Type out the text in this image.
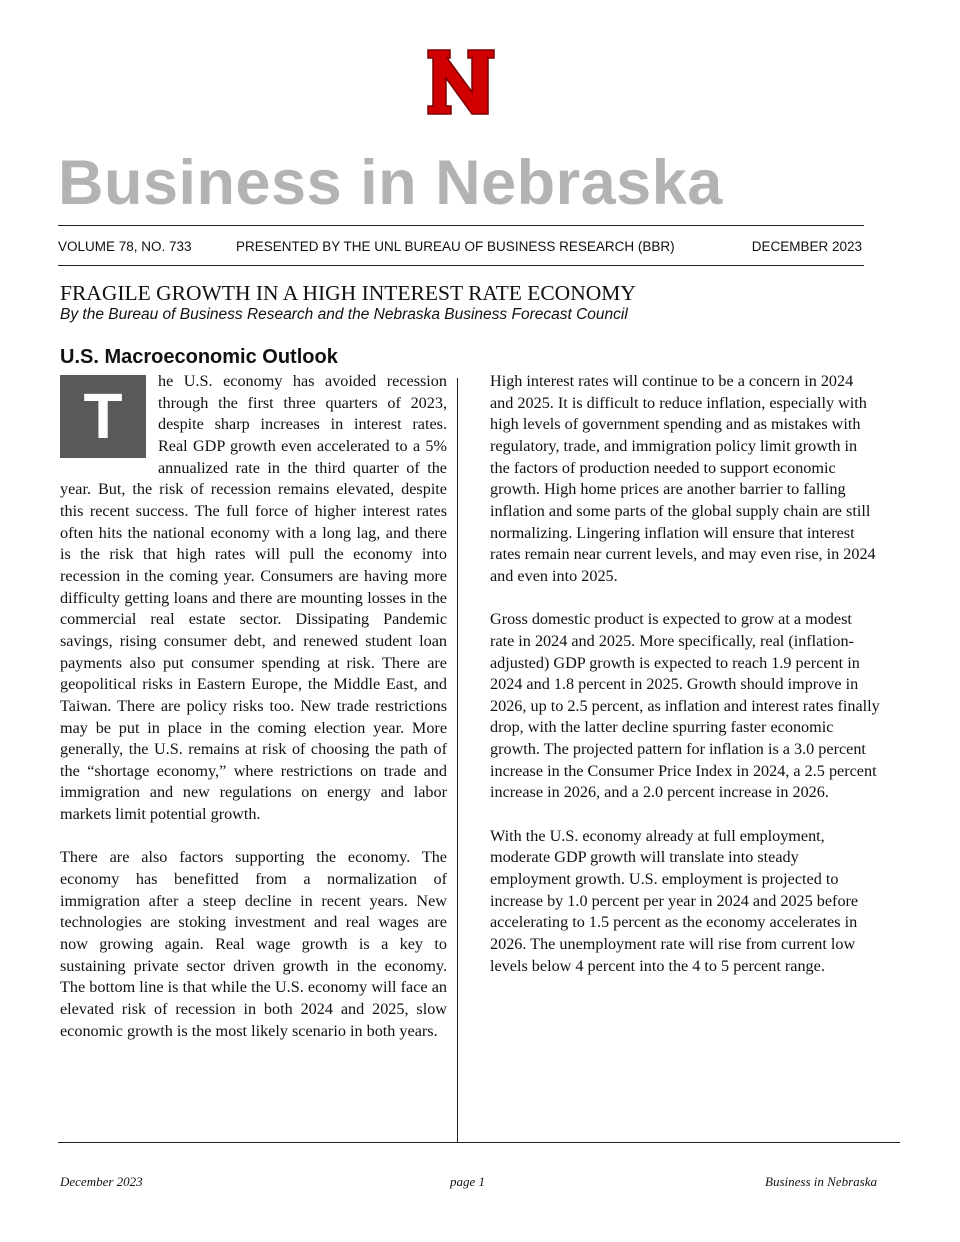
N
Business in Nebraska
VOLUME 78, NO. 733	PRESENTED BY THE UNL BUREAU OF BUSINESS RESEARCH (BBR)	DECEMBER 2023
FRAGILE GROWTH IN A HIGH INTEREST RATE ECONOMY
By the Bureau of Business Research and the Nebraska Business Forecast Council
U.S. Macroeconomic Outlook

T	he U.S. economy has avoided recession through the first three quarters of 2023, despite sharp increases in interest rates. Real GDP growth even accelerated to a 5% annualized rate in the third quarter of the year. But, the risk of recession remains elevated, despite this recent success. The full force of higher interest rates often hits the national economy with a long lag, and there is the risk that high rates will pull the economy into recession in the coming year. Consumers are having more difficulty getting loans and there are mounting losses in the commercial real estate sector. Dissipating Pandemic savings, rising consumer debt, and renewed student loan payments also put consumer spending at risk. There are geopolitical risks in Eastern Europe, the Middle East, and Taiwan. There are policy risks too. New trade restrictions may be put in place in the coming election year. More generally, the U.S. remains at risk of choosing the path of the “shortage economy,” where restrictions on trade and immigration and new regulations on energy and labor markets limit potential growth.

There are also factors supporting the economy. The economy has benefitted from a normalization of immigration after a steep decline in recent years. New technologies are stoking investment and real wages are now growing again. Real wage growth is a key to sustaining private sector driven growth in the economy. The bottom line is that while the U.S. economy will face an elevated risk of recession in both 2024 and 2025, slow economic growth is the most likely scenario in both years.

High interest rates will continue to be a concern in 2024 and 2025. It is difficult to reduce inflation, especially with high levels of government spending and as mistakes with regulatory, trade, and immigration policy limit growth in the factors of production needed to support economic growth. High home prices are another barrier to falling inflation and some parts of the global supply chain are still normalizing. Lingering inflation will ensure that interest rates remain near current levels, and may even rise, in 2024 and even into 2025.

Gross domestic product is expected to grow at a modest rate in 2024 and 2025. More specifically, real (inflation-adjusted) GDP growth is expected to reach 1.9 percent in 2024 and 1.8 percent in 2025. Growth should improve in 2026, up to 2.5 percent, as inflation and interest rates finally drop, with the latter decline spurring faster economic growth. The projected pattern for inflation is a 3.0 percent increase in the Consumer Price Index in 2024, a 2.5 percent increase in 2026, and a 2.0 percent increase in 2026.

With the U.S. economy already at full employment, moderate GDP growth will translate into steady employment growth. U.S. employment is projected to increase by 1.0 percent per year in 2024 and 2025 before accelerating to 1.5 percent as the economy accelerates in 2026. The unemployment rate will rise from current low levels below 4 percent into the 4 to 5 percent range.

December 2023	page 1	Business in Nebraska
